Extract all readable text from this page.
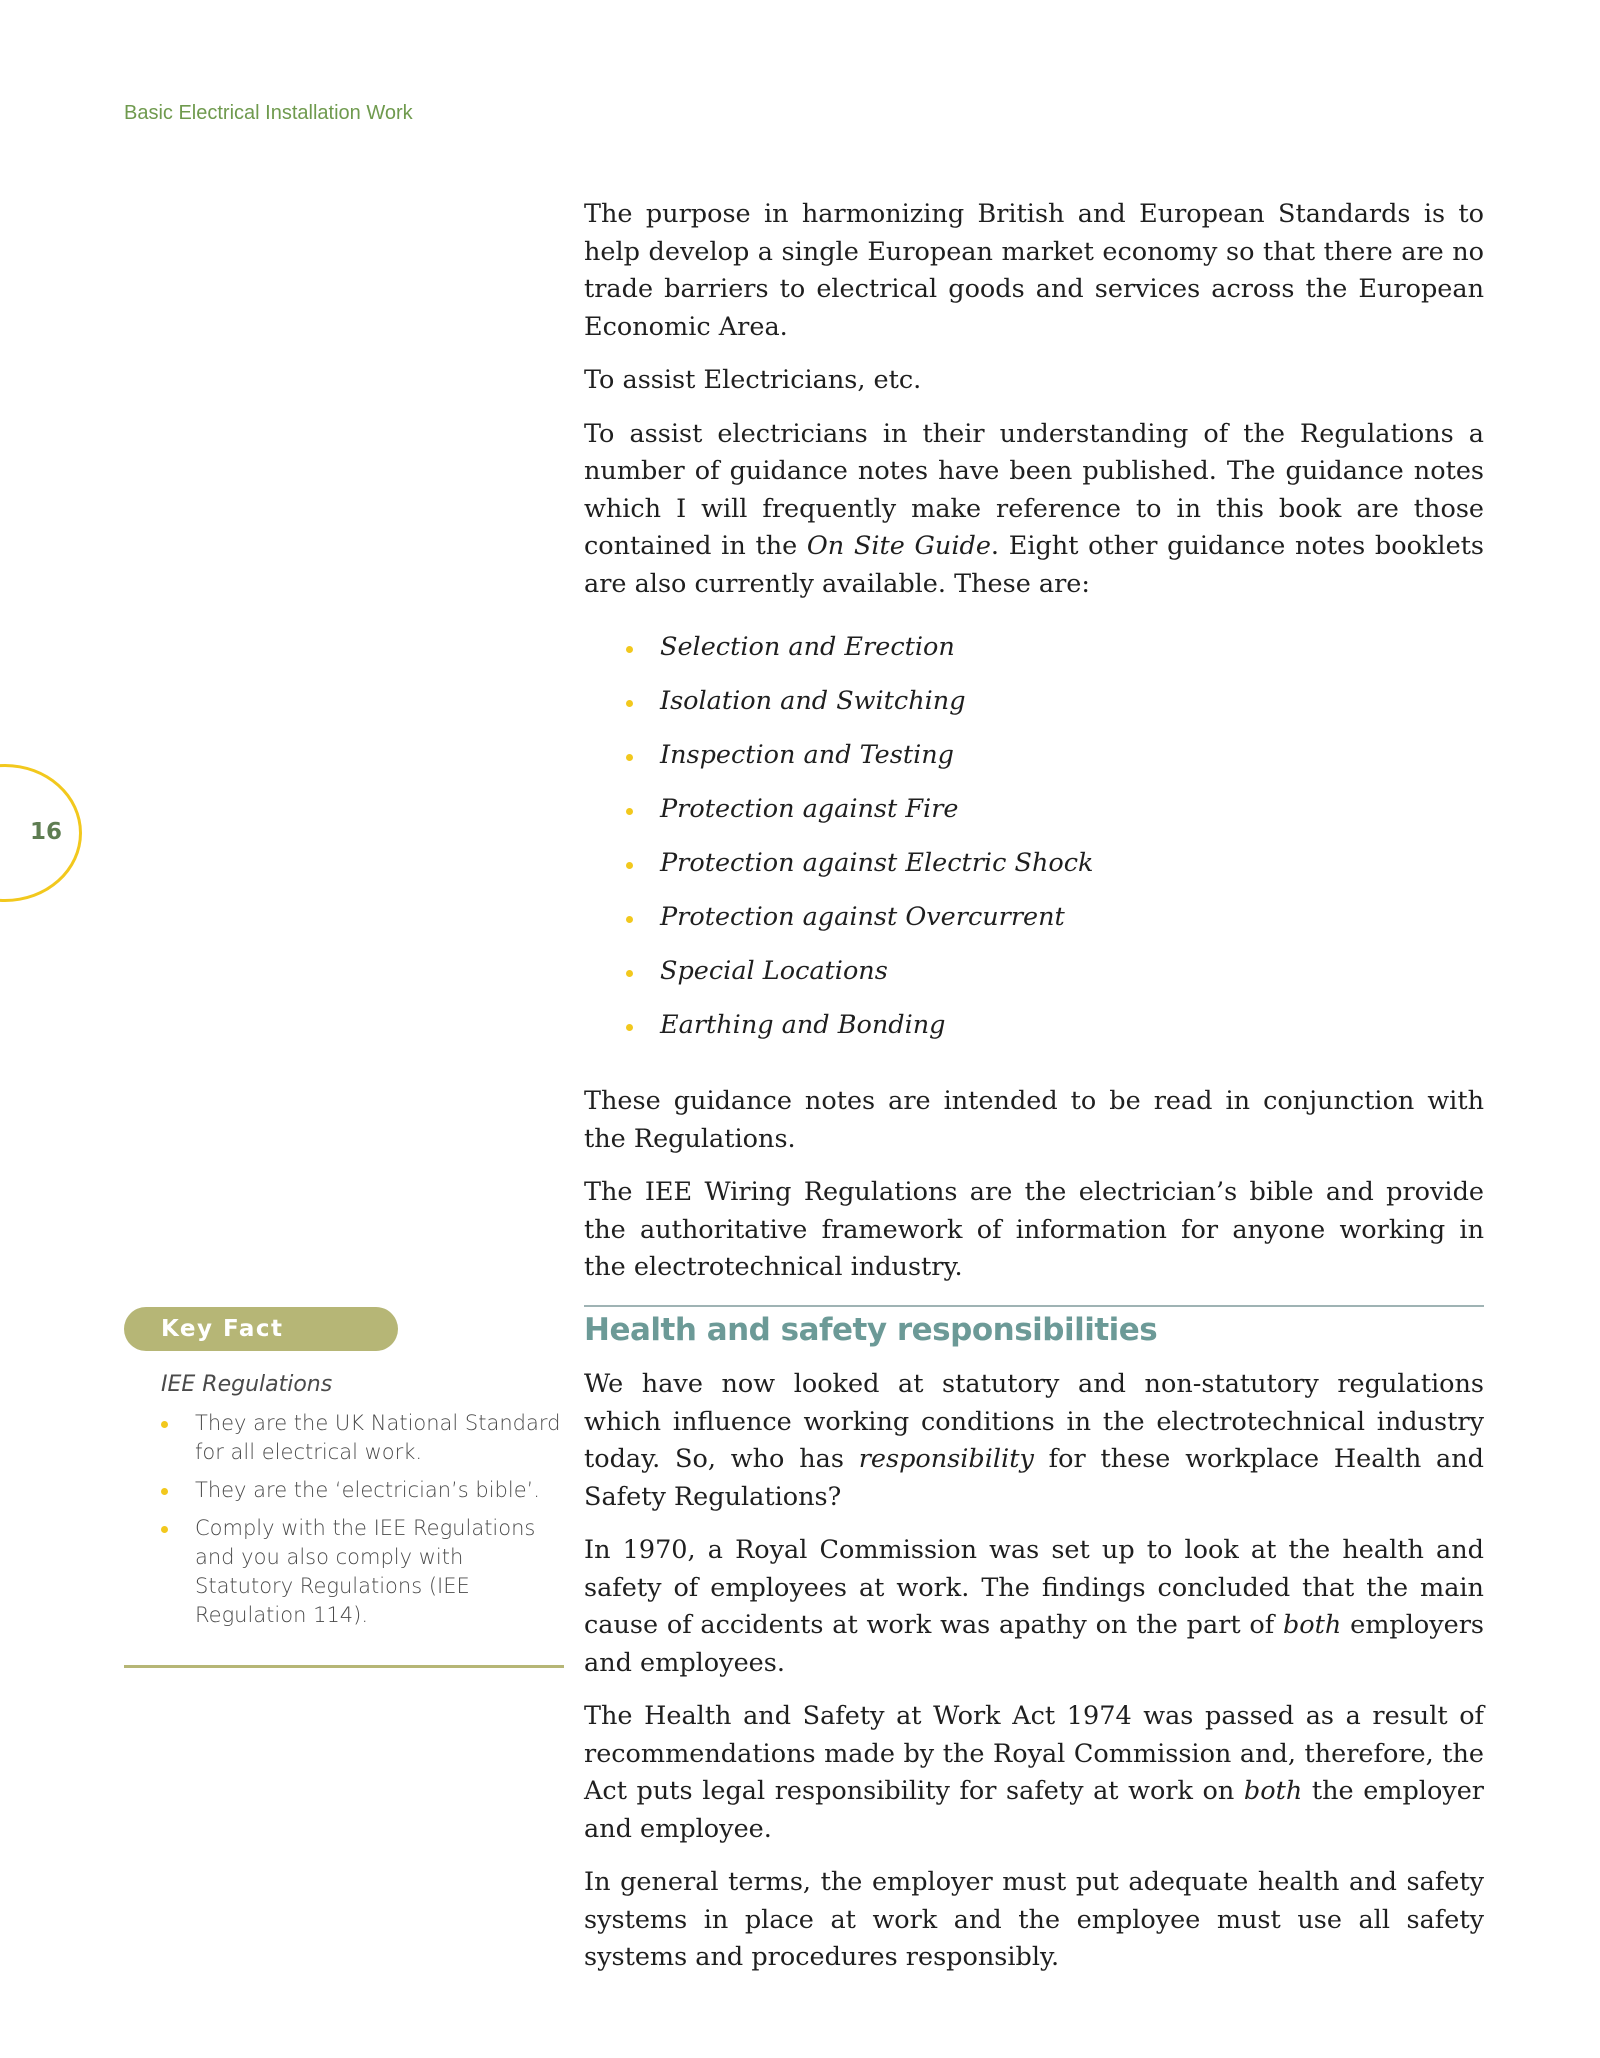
Basic Electrical Installation Work
16

The purpose in harmonizing British and European Standards is to help develop a single European market economy so that there are no trade barriers to electrical goods and services across the European Economic Area.

To assist Electricians, etc.

To assist electricians in their understanding of the Regulations a number of guidance notes have been published. The guidance notes which I will frequently make reference to in this book are those contained in the On Site Guide. Eight other guidance notes booklets are also currently available. These are:

Selection and Erection
Isolation and Switching
Inspection and Testing
Protection against Fire
Protection against Electric Shock
Protection against Overcurrent
Special Locations
Earthing and Bonding

These guidance notes are intended to be read in conjunction with the Regulations.

The IEE Wiring Regulations are the electrician’s bible and provide the authoritative framework of information for anyone working in the electrotechnical industry.

Health and safety responsibilities

We have now looked at statutory and non-statutory regulations which influence working conditions in the electrotechnical industry today. So, who has responsibility for these workplace Health and Safety Regulations?

In 1970, a Royal Commission was set up to look at the health and safety of employees at work. The findings concluded that the main cause of accidents at work was apathy on the part of both employers and employees.

The Health and Safety at Work Act 1974 was passed as a result of recommendations made by the Royal Commission and, therefore, the Act puts legal responsibility for safety at work on both the employer and employee.

In general terms, the employer must put adequate health and safety systems in place at work and the employee must use all safety systems and procedures responsibly.

Key Fact
IEE Regulations
They are the UK National Standard for all electrical work.
They are the ‘electrician’s bible’.
Comply with the IEE Regulations and you also comply with Statutory Regulations (IEE Regulation 114).
